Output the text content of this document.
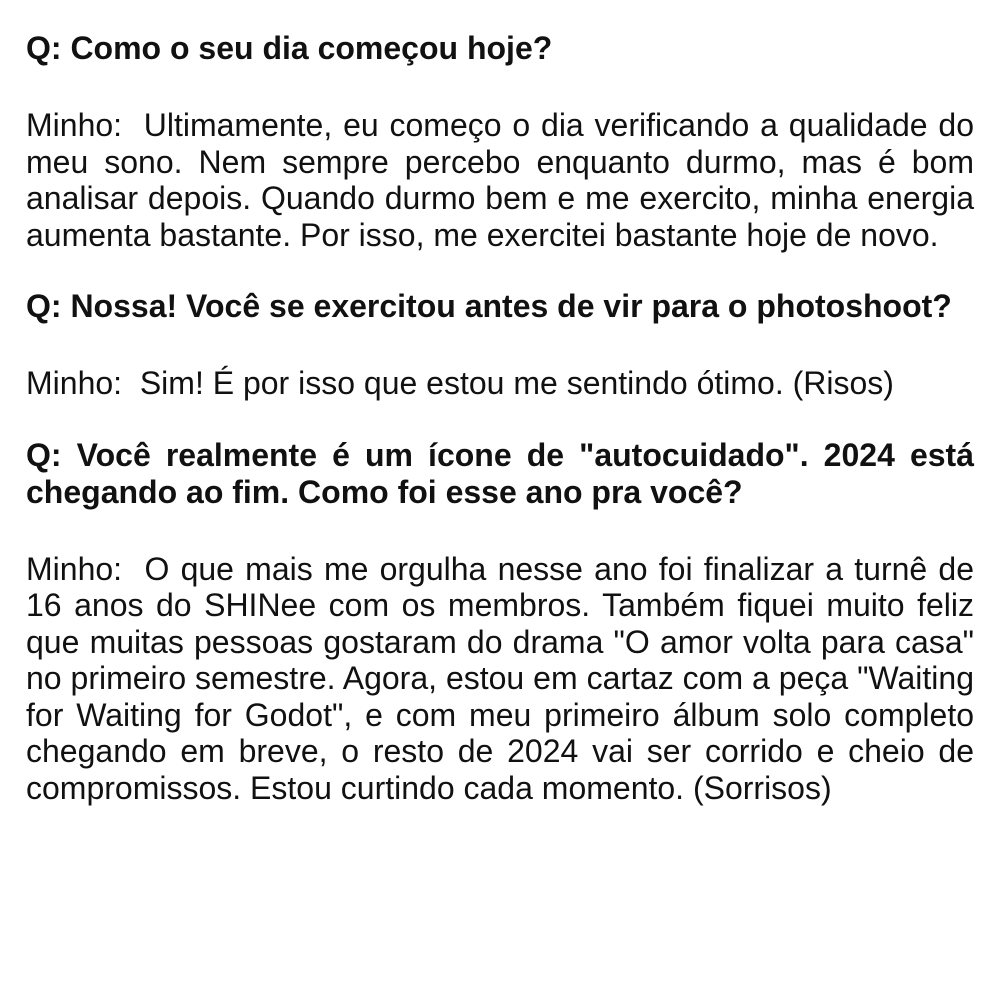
Q: Como o seu dia começou hoje?

Minho:  Ultimamente, eu começo o dia verificando a qualidade do meu sono. Nem sempre percebo enquanto durmo, mas é bom analisar depois. Quando durmo bem e me exercito, minha energia aumenta bastante. Por isso, me exercitei bastante hoje de novo.

Q: Nossa! Você se exercitou antes de vir para o photoshoot?

Minho:  Sim! É por isso que estou me sentindo ótimo. (Risos)

Q: Você realmente é um ícone de "autocuidado". 2024 está chegando ao fim. Como foi esse ano pra você?

Minho:  O que mais me orgulha nesse ano foi finalizar a turnê de 16 anos do SHINee com os membros. Também fiquei muito feliz que muitas pessoas gostaram do drama "O amor volta para casa" no primeiro semestre. Agora, estou em cartaz com a peça "Waiting for Waiting for Godot", e com meu primeiro álbum solo completo chegando em breve, o resto de 2024 vai ser corrido e cheio de compromissos. Estou curtindo cada momento. (Sorrisos)
